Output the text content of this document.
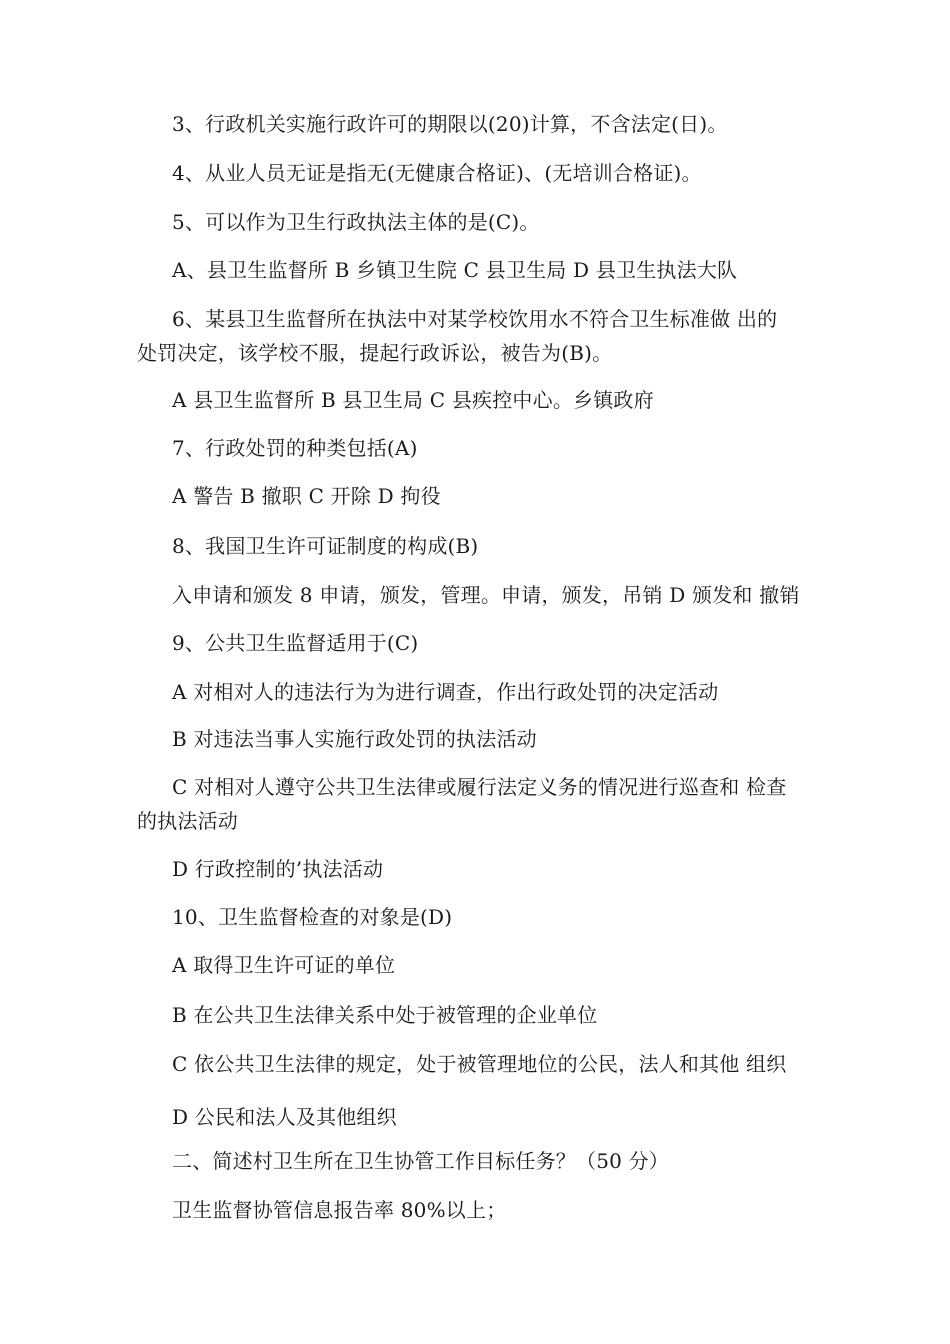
3、行政机关实施行政许可的期限以(20)计算，不含法定(日)。
4、从业人员无证是指无(无健康合格证)、(无培训合格证)。
5、可以作为卫生行政执法主体的是(C)。
A、县卫生监督所 B 乡镇卫生院 C 县卫生局 D 县卫生执法大队
6、某县卫生监督所在执法中对某学校饮用水不符合卫生标准做 出的
处罚决定，该学校不服，提起行政诉讼，被告为(B)。
A 县卫生监督所 B 县卫生局 C 县疾控中心。乡镇政府
7、行政处罚的种类包括(A)
A 警告 B 撤职 C 开除 D 拘役
8、我国卫生许可证制度的构成(B)
入申请和颁发 8 申请，颁发，管理。申请，颁发，吊销 D 颁发和 撤销
9、公共卫生监督适用于(C)
A 对相对人的违法行为为进行调查，作出行政处罚的决定活动
B 对违法当事人实施行政处罚的执法活动
C 对相对人遵守公共卫生法律或履行法定义务的情况进行巡查和 检查
的执法活动
D 行政控制的’执法活动
10、卫生监督检查的对象是(D)
A 取得卫生许可证的单位
B 在公共卫生法律关系中处于被管理的企业单位
C 依公共卫生法律的规定，处于被管理地位的公民，法人和其他 组织
D 公民和法人及其他组织
二、简述村卫生所在卫生协管工作目标任务？（50 分）
卫生监督协管信息报告率 80%以上；
